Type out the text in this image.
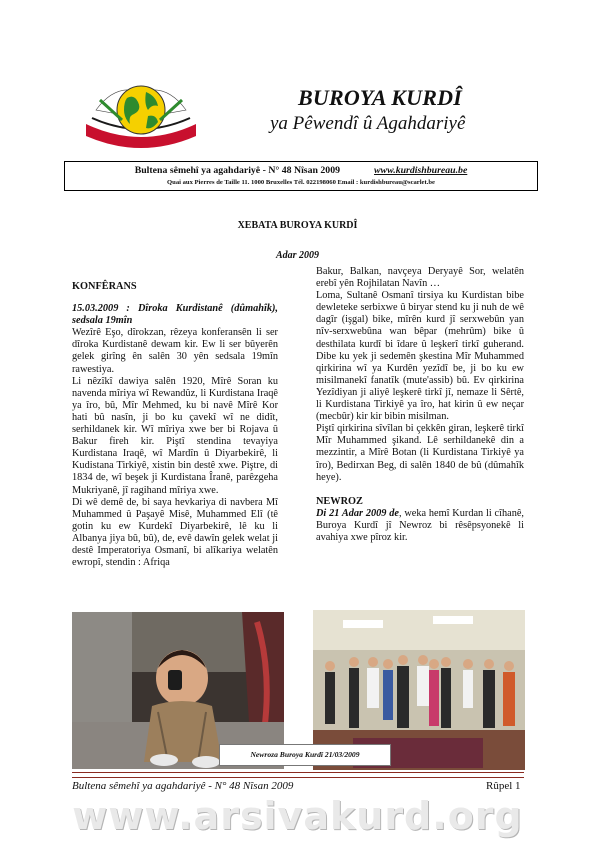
BUROYA KURDÎ
ya Pêwendî û Agahdariyê
Bultena sêmehî ya agahdariyê - N° 48 Nîsan 2009	www.kurdishbureau.be
Quai aux Pierres de Taille 11. 1000 Bruxelles Tél. 022198060 Email : kurdishbureau@scarlet.be
XEBATA BUROYA KURDÎ
Adar 2009

KONFÊRANS

15.03.2009 : Dîroka Kurdistanê (dûmahîk), sedsala 19mîn

Wezîrê Eşo, dîrokzan, rêzeya konferansên li ser dîroka Kurdistanê dewam kir. Ew li ser bûyerên gelek girîng ên salên 30 yên sedsala 19mîn rawestiya.

Li nêzîkî dawiya salên 1920, Mîrê Soran ku navenda mîriya wî Rewandûz, li Kurdistana Iraqê ya îro, bû, Mîr Mehmed, ku bi navê Mîrê Kor hati bû nasîn, ji bo ku çavekî wî ne didît, serhildanek kir. Wî mîriya xwe ber bi Rojava û Bakur fireh kir. Piştî stendina tevayiya Kurdistana Iraqê, wî Mardîn û Diyarbekirê, li Kudistana Tirkiyê, xistin bin destê xwe. Piştre, di 1834 de, wî beşek ji Kurdistana Îranê, parêzgeha Mukriyanê, jî ragihand mîriya xwe.

Di wê demê de, bi saya hevkariya di navbera Mî Muhammed û Paşayê Misê, Muhammed Elî (tê gotin ku ew Kurdekî Diyarbekirê, lê ku li Albanya jiya bû, bû), de, evê dawîn gelek welat ji destê Imperatoriya Osmanî, bi alîkariya welatên ewropî, stendin : Afriqa

Bakur, Balkan, navçeya Deryayê Sor, welatên erebî yên Rojhilatan Navîn …

Loma, Sultanê Osmanî tirsiya ku Kurdistan bibe dewleteke serbixwe û biryar stend ku ji nuh de wê dagîr (işgal) bike, mîrên kurd jî serxwebûn yan nîv-serxwebûna wan bêpar (mehrûm) bike û desthilata kurdî bi îdare û leşkerî tirkî guherand. Dibe ku yek ji sedemên şkestina Mîr Muhammed qirkirina wî ya Kurdên yezîdî be, ji bo ku ew misilmanekî fanatîk (mute'assib) bû. Ev qirkirina Yezîdiyan ji aliyê leşkerê tirkî jî, nemaze li Sêrtê, li Kurdistana Tirkiyê ya îro, hat kirin û ew neçar (mecbûr) kir kir bibin misilman.

Piştî qirkirina sîvîlan bi çekkên giran, leşkerê tirkî Mîr Muhammed şikand. Lê serhildanekê din a mezzintir, a Mîrê Botan (li Kurdistana Tirkiyê ya îro), Bedirxan Beg, di salên 1840 de bû (dûmahîk heye).

NEWROZ

Di 21 Adar 2009 de, weka hemî Kurdan li cîhanê, Buroya Kurdî jî Newroz bi rêsêpsyonekê li avahiya xwe pîroz kir.

Newroza Buroya Kurdî 21/03/2009
Bultena sêmehî ya agahdariyê - N° 48 Nîsan 2009	Rûpel 1
www.arsivakurd.org
